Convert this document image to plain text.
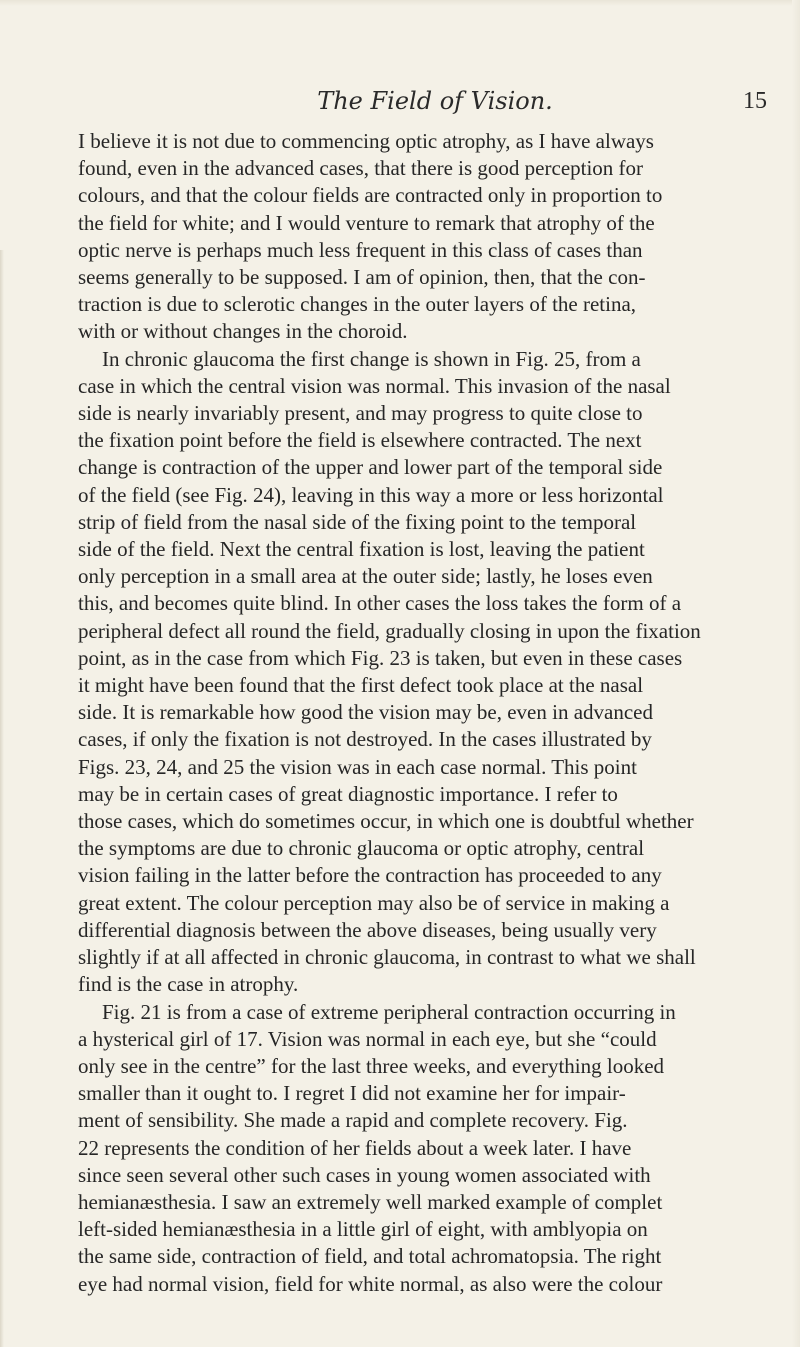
The Field of Vision.	15

I believe it is not due to commencing optic atrophy, as I have always
found, even in the advanced cases, that there is good perception for
colours, and that the colour fields are contracted only in proportion to
the field for white; and I would venture to remark that atrophy of the
optic nerve is perhaps much less frequent in this class of cases than
seems generally to be supposed. I am of opinion, then, that the con-
traction is due to sclerotic changes in the outer layers of the retina,
with or without changes in the choroid.

In chronic glaucoma the first change is shown in Fig. 25, from a
case in which the central vision was normal. This invasion of the nasal
side is nearly invariably present, and may progress to quite close to
the fixation point before the field is elsewhere contracted. The next
change is contraction of the upper and lower part of the temporal side
of the field (see Fig. 24), leaving in this way a more or less horizontal
strip of field from the nasal side of the fixing point to the temporal
side of the field. Next the central fixation is lost, leaving the patient
only perception in a small area at the outer side; lastly, he loses even
this, and becomes quite blind. In other cases the loss takes the form of a
peripheral defect all round the field, gradually closing in upon the fixation
point, as in the case from which Fig. 23 is taken, but even in these cases
it might have been found that the first defect took place at the nasal
side. It is remarkable how good the vision may be, even in advanced
cases, if only the fixation is not destroyed. In the cases illustrated by
Figs. 23, 24, and 25 the vision was in each case normal. This point
may be in certain cases of great diagnostic importance. I refer to
those cases, which do sometimes occur, in which one is doubtful whether
the symptoms are due to chronic glaucoma or optic atrophy, central
vision failing in the latter before the contraction has proceeded to any
great extent. The colour perception may also be of service in making a
differential diagnosis between the above diseases, being usually very
slightly if at all affected in chronic glaucoma, in contrast to what we shall
find is the case in atrophy.

Fig. 21 is from a case of extreme peripheral contraction occurring in
a hysterical girl of 17. Vision was normal in each eye, but she “could
only see in the centre” for the last three weeks, and everything looked
smaller than it ought to. I regret I did not examine her for impair-
ment of sensibility. She made a rapid and complete recovery. Fig.
22 represents the condition of her fields about a week later. I have
since seen several other such cases in young women associated with
hemianæsthesia. I saw an extremely well marked example of complet
left-sided hemianæsthesia in a little girl of eight, with amblyopia on
the same side, contraction of field, and total achromatopsia. The right
eye had normal vision, field for white normal, as also were the colour
